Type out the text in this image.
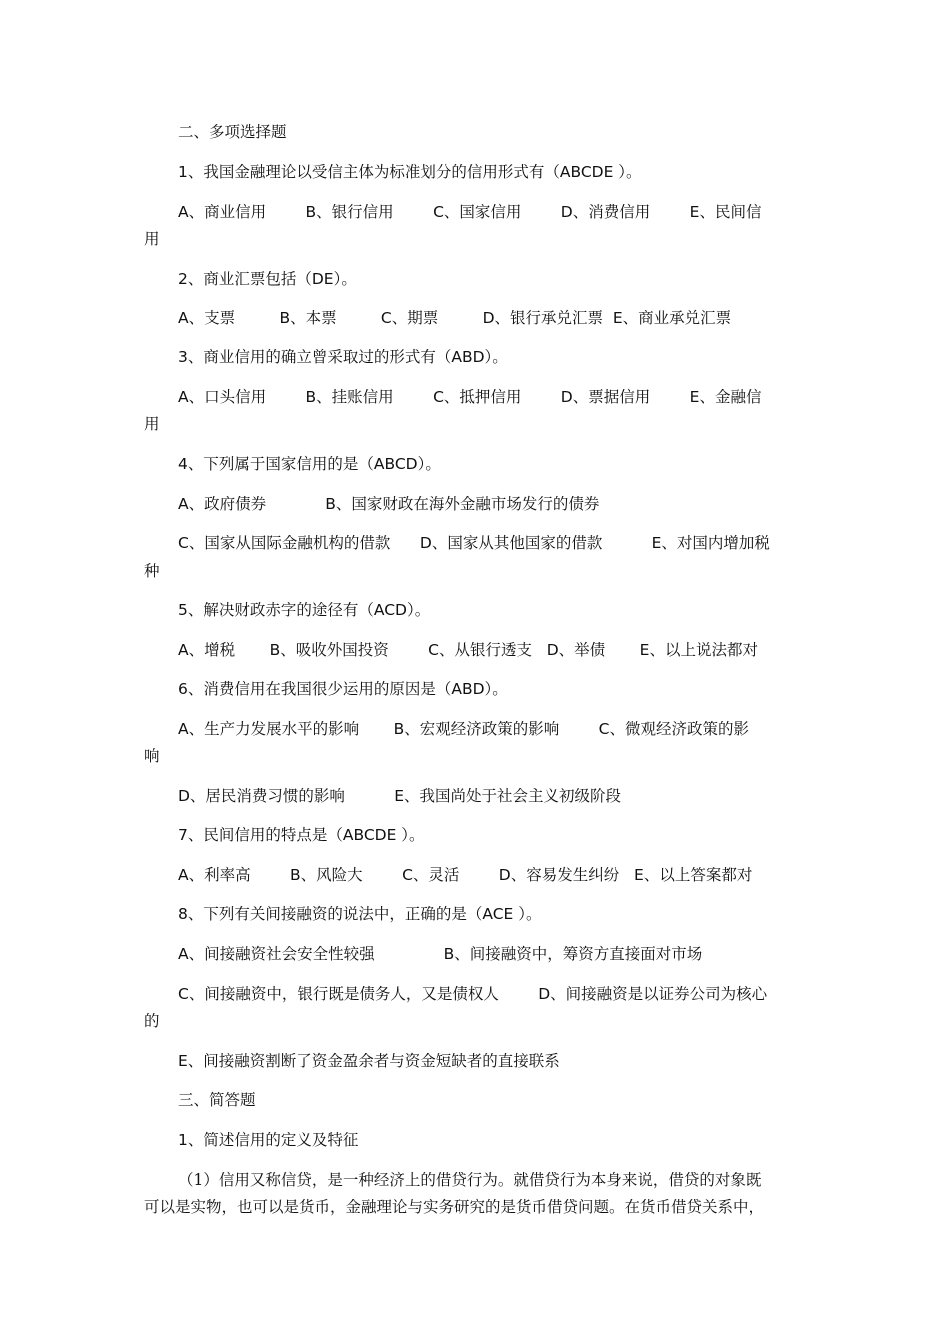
二、多项选择题
1、我国金融理论以受信主体为标准划分的信用形式有（ABCDE ）。
A、商业信用        B、银行信用        C、国家信用        D、消费信用        E、民间信
用
2、商业汇票包括（DE）。
A、支票         B、本票         C、期票         D、银行承兑汇票  E、商业承兑汇票
3、商业信用的确立曾采取过的形式有（ABD）。
A、口头信用        B、挂账信用        C、抵押信用        D、票据信用        E、金融信
用
4、下列属于国家信用的是（ABCD）。
A、政府债券            B、国家财政在海外金融市场发行的债券
C、国家从国际金融机构的借款      D、国家从其他国家的借款          E、对国内增加税
种
5、解决财政赤字的途径有（ACD）。
A、增税       B、吸收外国投资        C、从银行透支   D、举债       E、以上说法都对
6、消费信用在我国很少运用的原因是（ABD）。
A、生产力发展水平的影响       B、宏观经济政策的影响        C、微观经济政策的影
响
D、居民消费习惯的影响          E、我国尚处于社会主义初级阶段
7、民间信用的特点是（ABCDE ）。
A、利率高        B、风险大        C、灵活        D、容易发生纠纷   E、以上答案都对
8、下列有关间接融资的说法中，正确的是（ACE ）。
A、间接融资社会安全性较强              B、间接融资中，筹资方直接面对市场
C、间接融资中，银行既是债务人，又是债权人        D、间接融资是以证券公司为核心
的
E、间接融资割断了资金盈余者与资金短缺者的直接联系
三、简答题
1、简述信用的定义及特征
（1）信用又称信贷，是一种经济上的借贷行为。就借贷行为本身来说，借贷的对象既
可以是实物，也可以是货币，金融理论与实务研究的是货币借贷问题。在货币借贷关系中，
